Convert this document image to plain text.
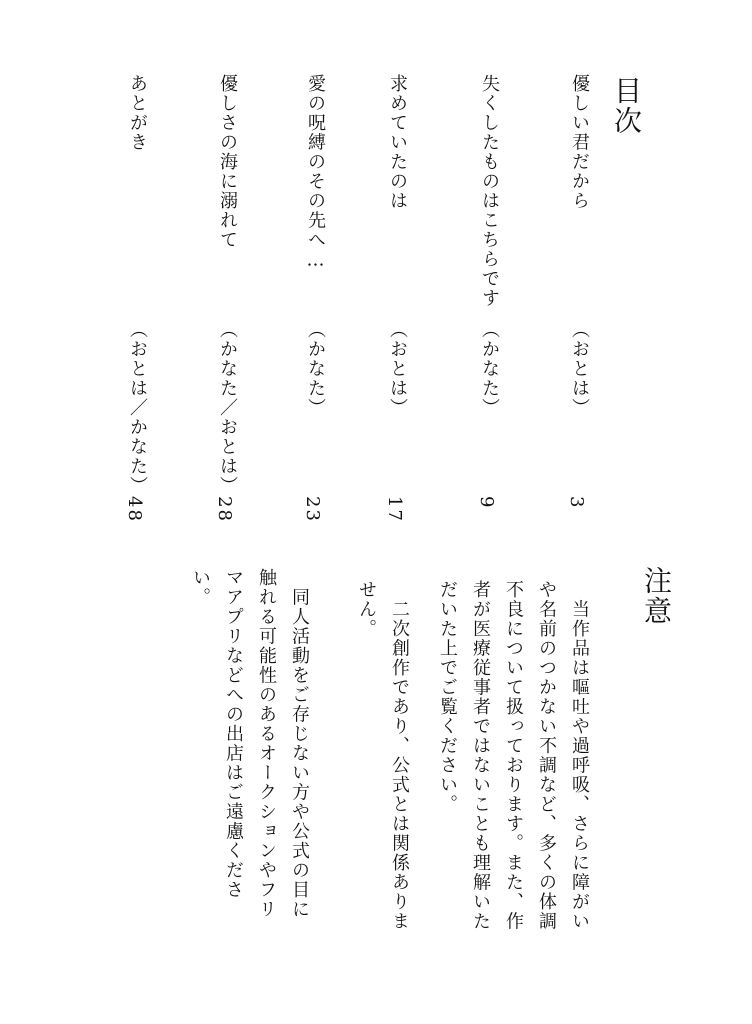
目次
優しい君だから
（おとは）
3
失くしたものはこちらです
（かなた）
9
求めていたのは
（おとは）
17
愛の呪縛のその先へ…
（かなた）
23
優しさの海に溺れて
（かなた／おとは）
28
あとがき
（おとは／かなた）
48
注意
　当作品は嘔吐や過呼吸、さらに障がいや名前のつかない不調など、多くの体調不良について扱っております。また、作者が医療従事者ではないことも理解いただいた上でご覧ください。
　二次創作であり、公式とは関係ありません。
　同人活動をご存じない方や公式の目に触れる可能性のあるオークションやフリマアプリなどへの出店はご遠慮ください。
